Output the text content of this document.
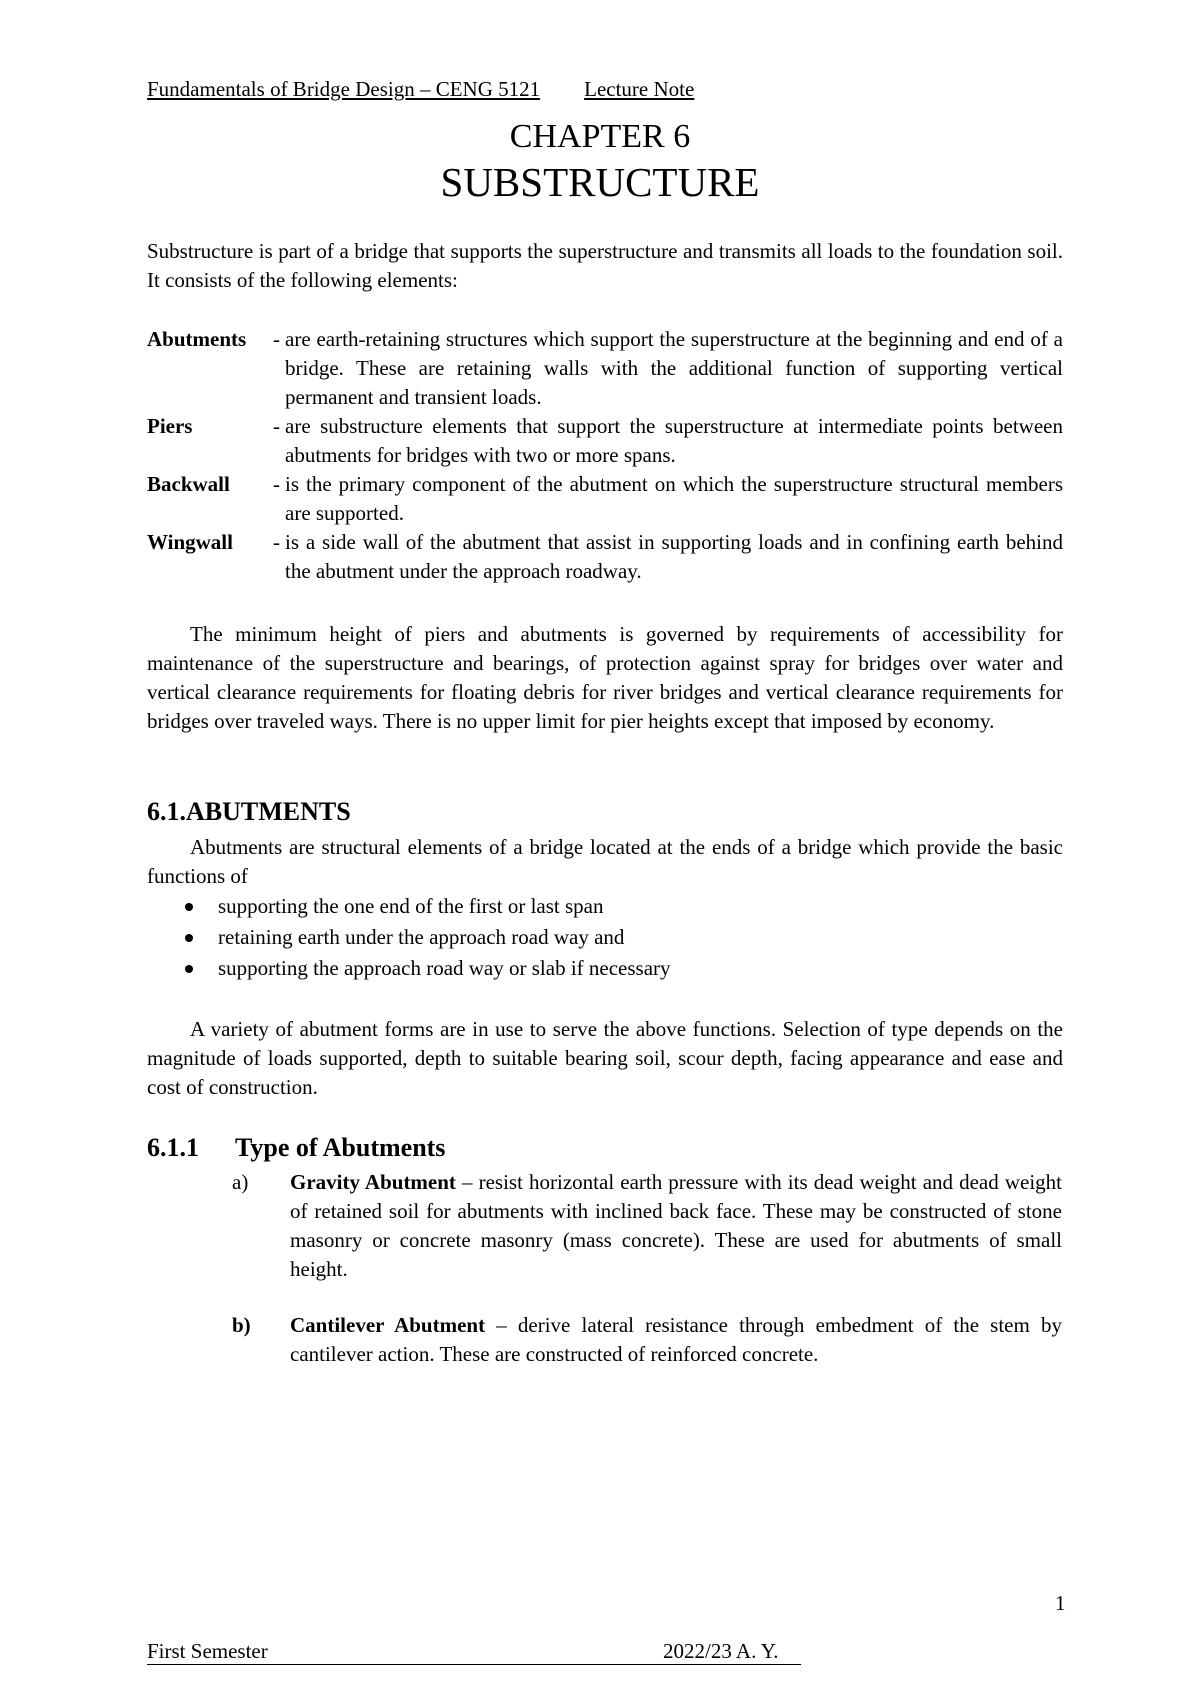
Fundamentals of Bridge Design – CENG 5121 Lecture Note
CHAPTER 6
SUBSTRUCTURE

Substructure is part of a bridge that supports the superstructure and transmits all loads to the foundation soil. It consists of the following elements:

Abutments	- are earth-retaining structures which support the superstructure at the beginning and end of a bridge. These are retaining walls with the additional function of supporting vertical permanent and transient loads.
Piers	- are substructure elements that support the superstructure at intermediate points between abutments for bridges with two or more spans.
Backwall	- is the primary component of the abutment on which the superstructure structural members are supported.
Wingwall	- is a side wall of the abutment that assist in supporting loads and in confining earth behind the abutment under the approach roadway.

The minimum height of piers and abutments is governed by requirements of accessibility for maintenance of the superstructure and bearings, of protection against spray for bridges over water and vertical clearance requirements for floating debris for river bridges and vertical clearance requirements for bridges over traveled ways. There is no upper limit for pier heights except that imposed by economy.

6.1.ABUTMENTS

Abutments are structural elements of a bridge located at the ends of a bridge which provide the basic functions of

supporting the one end of the first or last span
retaining earth under the approach road way and
supporting the approach road way or slab if necessary

A variety of abutment forms are in use to serve the above functions. Selection of type depends on the magnitude of loads supported, depth to suitable bearing soil, scour depth, facing appearance and ease and cost of construction.

6.1.1 Type of Abutments
a)	Gravity Abutment – resist horizontal earth pressure with its dead weight and dead weight of retained soil for abutments with inclined back face. These may be constructed of stone masonry or concrete masonry (mass concrete). These are used for abutments of small height.
b)	Cantilever Abutment – derive lateral resistance through embedment of the stem by cantilever action. These are constructed of reinforced concrete.
1
First Semester	2022/23 A. Y.
